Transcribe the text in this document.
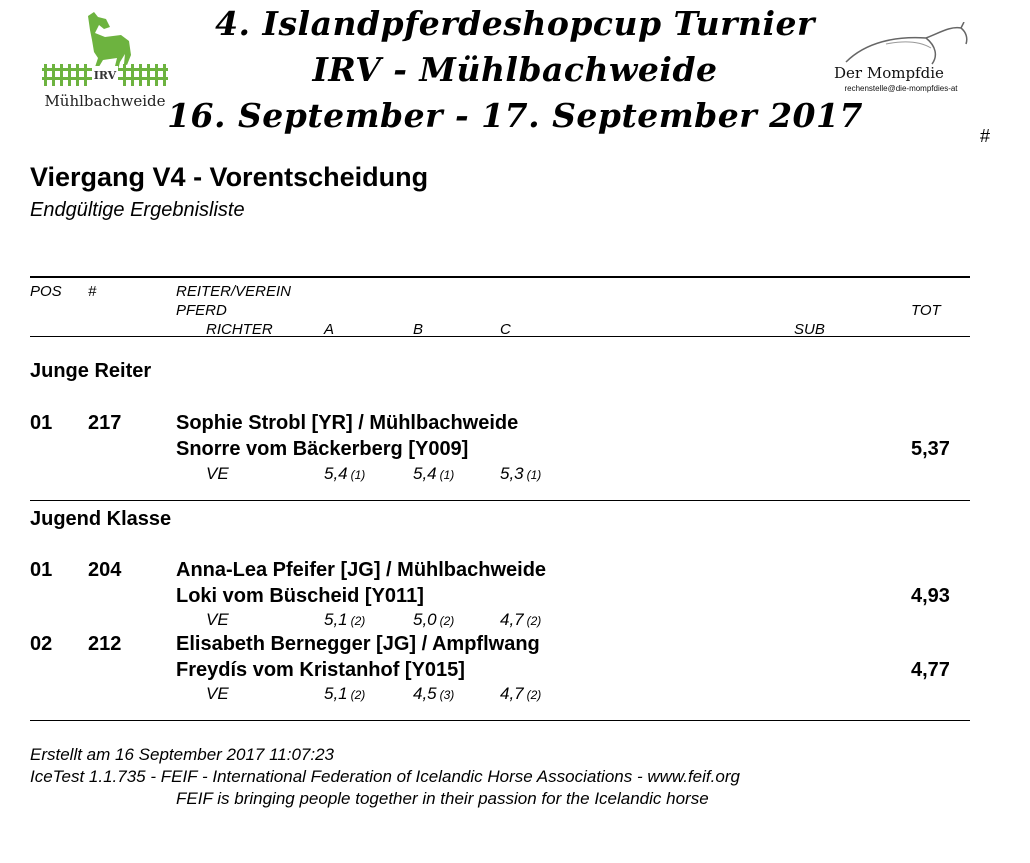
IRV
Mühlbachweide
4. Islandpferdeshopcup Turnier
IRV - Mühlbachweide
16. September - 17. September 2017
Der Mompfdie
rechenstelle@die-mompfdies-at
#
Viergang V4 - Vorentscheidung
Endgültige Ergebnisliste
POS #	REITER/VEREIN
PFERD	TOT
RICHTER	A	B	C	SUB
Junge Reiter
01 217	Sophie Strobl [YR] / Mühlbachweide
Snorre vom Bäckerberg [Y009]	5,37
VE	5,4 (1)	5,4 (1)	5,3 (1)
Jugend Klasse
01 204	Anna-Lea Pfeifer [JG] / Mühlbachweide
Loki vom Büscheid [Y011]	4,93
VE	5,1 (2)	5,0 (2)	4,7 (2)
02 212	Elisabeth Bernegger [JG] / Ampflwang
Freydís vom Kristanhof [Y015]	4,77
VE	5,1 (2)	4,5 (3)	4,7 (2)
Erstellt am 16 September 2017 11:07:23
IceTest 1.1.735 - FEIF - International Federation of Icelandic Horse Associations - www.feif.org
FEIF is bringing people together in their passion for the Icelandic horse
